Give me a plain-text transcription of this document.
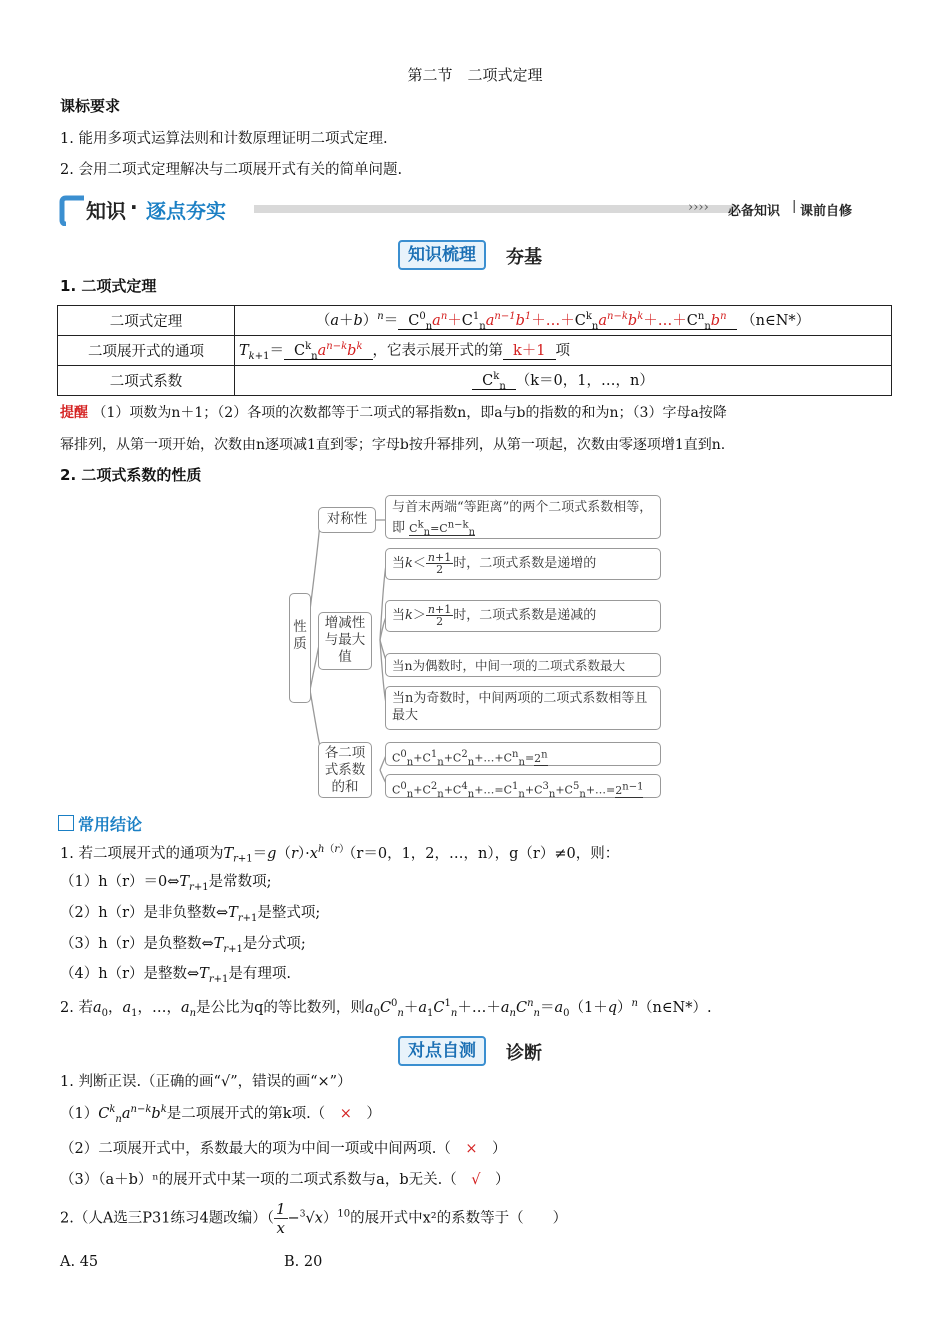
第二节　二项式定理
课标要求
1. 能用多项式运算法则和计数原理证明二项式定理.
2. 会用二项式定理解决与二项展开式有关的简单问题.
知识 · 逐点夯实	›››› 必备知识 | 课前自修
知识梳理	夯基
1. 二项式定理
二项式定理	$(a+b)^n=$ $C^0_na^n+C^1_na^{n-1}b^1+\dots+C^k_na^{n-k}b^k+\dots+C^n_nb^n$ （n∈N*）
二项展开式的通项	$T_{k+1}= C^k_na^{n-k}b^k$ ，它表示展开式的第 k＋1 项
二项式系数	$C^k_n$ （k＝0，1，…，n）
提醒 （1）项数为n＋1；（2）各项的次数都等于二项式的幂指数n，即a与b的指数的和为n；（3）字母a按降
幂排列，从第一项开始，次数由n逐项减1直到零；字母b按升幂排列，从第一项起，次数由零逐项增1直到n.
2. 二项式系数的性质
性质
对称性
增减性与最大值
各二项式系数的和
与首末两端“等距离”的两个二项式系数相等，即 $C^k_n=C^{n-k}_n$
当$k< \frac{n+1}{2}$ 时，二项式系数是递增的
当$k> \frac{n+1}{2}$ 时，二项式系数是递减的
当n为偶数时，中间一项的二项式系数最大
当n为奇数时，中间两项的二项式系数相等且最大
$C^0_n+C^1_n+C^2_n+\dots+C^n_n=2^n$
$C^0_n+C^2_n+C^4_n+\dots=C^1_n+C^3_n+C^5_n+\dots=2^{n-1}$
常用结论
1. 若二项展开式的通项为$T_{r+1}=g(r)\cdot x^{h(r)}(r=0$，1，2，…，n），g（r）≠0，则：
$(1)h(r)=0\Leftrightarrow T_{r+1}$是常数项;
（2）h（r）是非负整数$\Leftrightarrow T_{r+1}$是整式项;
（3）h（r）是负整数$\Leftrightarrow T_{r+1}$是分式项;
（4）h（r）是整数$\Leftrightarrow T_{r+1}$是有理项.
2. 若$a_0$，$a_1$，…，$a_n$是公比为q的等比数列，则$a_0C^0_n+a_1C^1_n+\dots+a_nC^n_n=a_0(1+q)^n(n\in N*)$.
对点自测	诊断
1. 判断正误.（正确的画“√”，错误的画“×”）
$(1)C^k_na^{n-k}b^k$是二项展开式的第k项.（　 ×　）
（2）二项展开式中，系数最大的项为中间一项或中间两项.（　 ×　）
（3）（a＋b）ⁿ的展开式中某一项的二项式系数与a，b无关.（　 √　）
2.（人A选三P31练习4题改编）（ $\frac{1}{x} -^3√x)^{10}$的展开式中x²的系数等于（　　）
A. 45	B. 20
